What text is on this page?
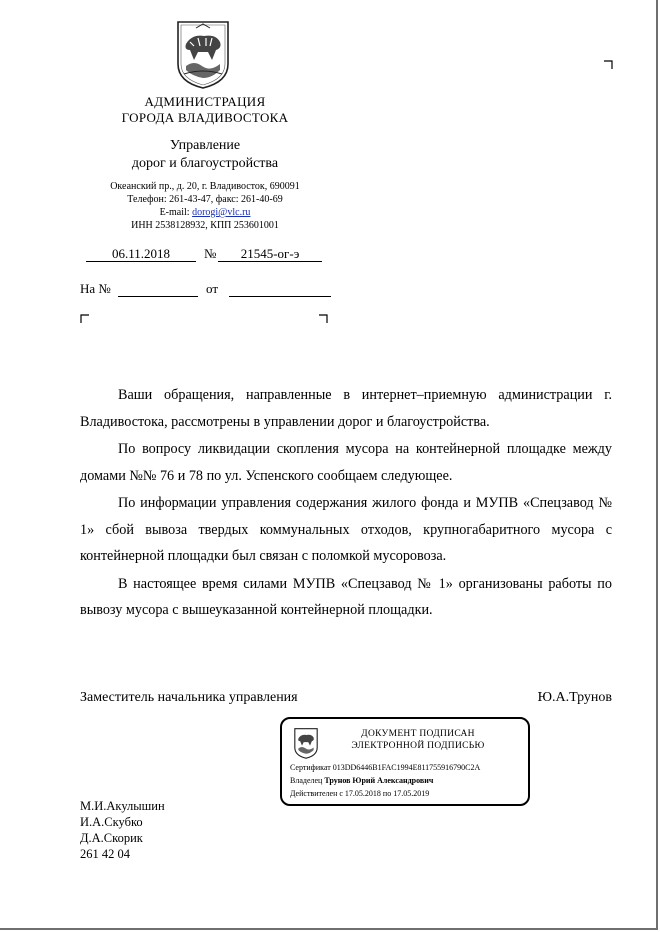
АДМИНИСТРАЦИЯ
ГОРОДА ВЛАДИВОСТОКА
Управление
дорог и благоустройства
Океанский пр., д. 20, г. Владивосток, 690091
Телефон: 261-43-47, факс: 261-40-69
E-mail: dorogi@vlc.ru
ИНН 2538128932, КПП 253601001
06.11.2018	№	21545-ог-э
На №	от

Ваши обращения, направленные в интернет–приемную администрации г. Владивостока, рассмотрены в управлении дорог и благоустройства.

По вопросу ликвидации скопления мусора на контейнерной площадке между домами №№ 76 и 78 по ул. Успенского сообщаем следующее.

По информации управления содержания жилого фонда и МУПВ «Спецзавод № 1» сбой вывоза твердых коммунальных отходов, крупногабаритного мусора с контейнерной площадки был связан с поломкой мусоровоза.

В настоящее время силами МУПВ «Спецзавод № 1» организованы работы по вывозу мусора с вышеуказанной контейнерной площадки.

Заместитель начальника управления	Ю.А.Трунов
ДОКУМЕНТ ПОДПИСАН
ЭЛЕКТРОННОЙ ПОДПИСЬЮ
Сертификат 013DD6446B1FAC1994E811755916790C2A
Владелец Трунов Юрий Александрович
Действителен с 17.05.2018 по 17.05.2019
М.И.Акулышин
И.А.Скубко
Д.А.Скорик
261 42 04
